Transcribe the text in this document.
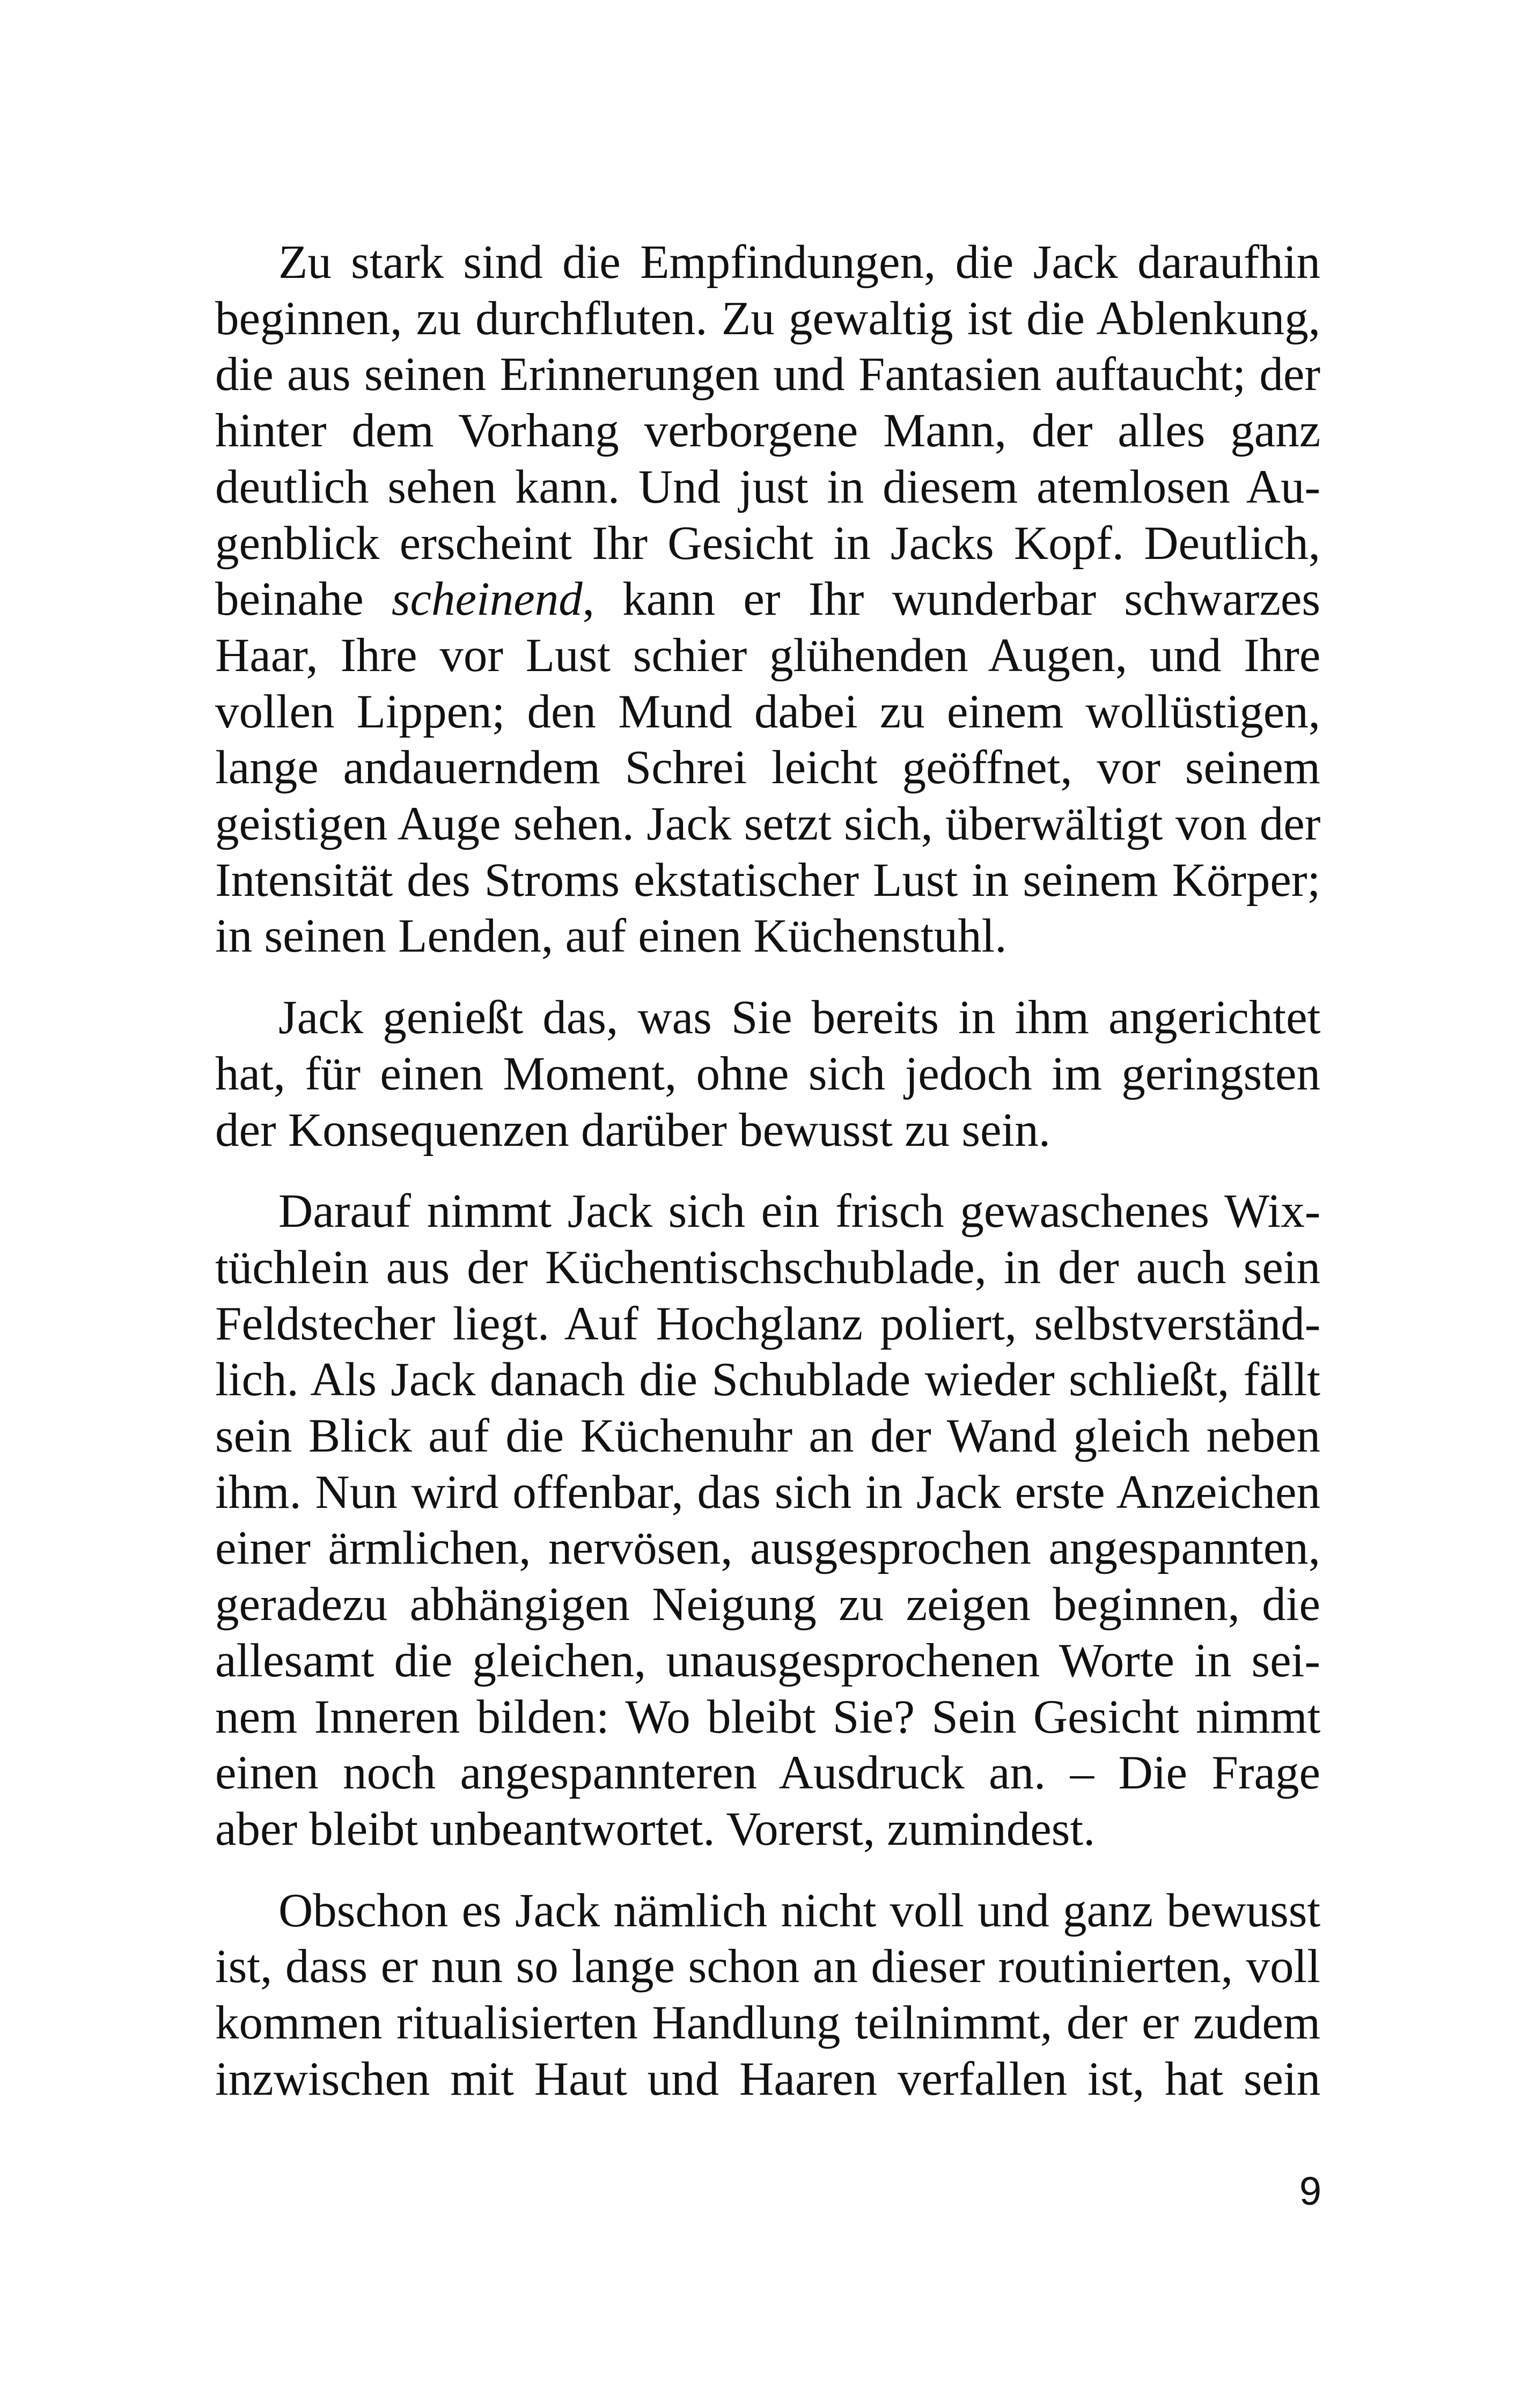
Zu stark sind die Empfindungen, die Jack daraufhin
beginnen, zu durchfluten. Zu gewaltig ist die Ablenkung,
die aus seinen Erinnerungen und Fantasien auftaucht; der
hinter dem Vorhang verborgene Mann, der alles ganz
deutlich sehen kann. Und just in diesem atemlosen Au-
genblick erscheint Ihr Gesicht in Jacks Kopf. Deutlich,
beinahe scheinend, kann er Ihr wunderbar schwarzes
Haar, Ihre vor Lust schier glühenden Augen, und Ihre
vollen Lippen; den Mund dabei zu einem wollüstigen,
lange andauerndem Schrei leicht geöffnet, vor seinem
geistigen Auge sehen. Jack setzt sich, überwältigt von der
Intensität des Stroms ekstatischer Lust in seinem Körper;
in seinen Lenden, auf einen Küchenstuhl.

Jack genießt das, was Sie bereits in ihm angerichtet
hat, für einen Moment, ohne sich jedoch im geringsten
der Konsequenzen darüber bewusst zu sein.

Darauf nimmt Jack sich ein frisch gewaschenes Wix-
tüchlein aus der Küchentischschublade, in der auch sein
Feldstecher liegt. Auf Hochglanz poliert, selbstverständ-
lich. Als Jack danach die Schublade wieder schließt, fällt
sein Blick auf die Küchenuhr an der Wand gleich neben
ihm. Nun wird offenbar, das sich in Jack erste Anzeichen
einer ärmlichen, nervösen, ausgesprochen angespannten,
geradezu abhängigen Neigung zu zeigen beginnen, die
allesamt die gleichen, unausgesprochenen Worte in sei-
nem Inneren bilden: Wo bleibt Sie? Sein Gesicht nimmt
einen noch angespannteren Ausdruck an. – Die Frage
aber bleibt unbeantwortet. Vorerst, zumindest.

Obschon es Jack nämlich nicht voll und ganz bewusst
ist, dass er nun so lange schon an dieser routinierten, voll
kommen ritualisierten Handlung teilnimmt, der er zudem
inzwischen mit Haut und Haaren verfallen ist, hat sein

9
